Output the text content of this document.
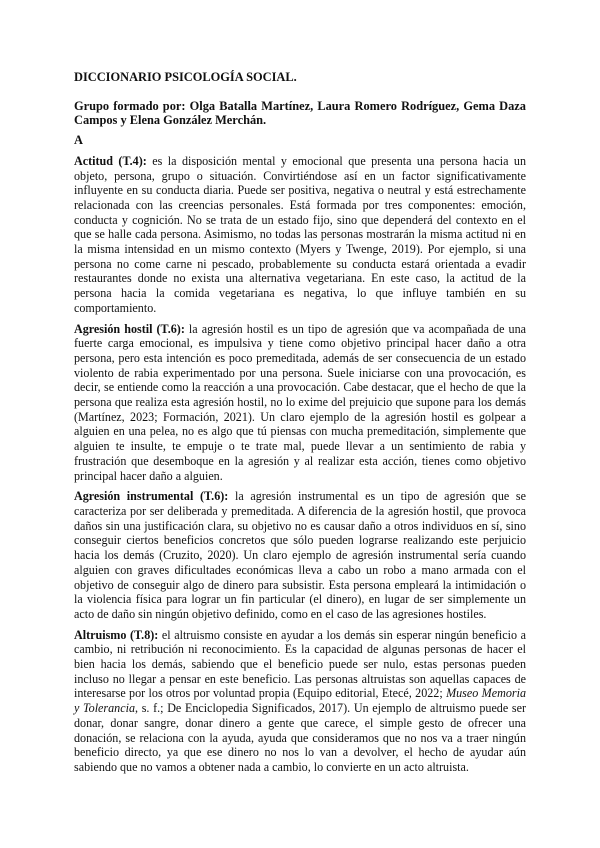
DICCIONARIO PSICOLOGÍA SOCIAL.

Grupo formado por: Olga Batalla Martínez, Laura Romero Rodríguez, Gema Daza Campos y Elena González Merchán.

A

Actitud (T.4): es la disposición mental y emocional que presenta una persona hacia un objeto, persona, grupo o situación. Convirtiéndose así en un factor significativamente influyente en su conducta diaria. Puede ser positiva, negativa o neutral y está estrechamente relacionada con las creencias personales. Está formada por tres componentes: emoción, conducta y cognición. No se trata de un estado fijo, sino que dependerá del contexto en el que se halle cada persona. Asimismo, no todas las personas mostrarán la misma actitud ni en la misma intensidad en un mismo contexto (Myers y Twenge, 2019). Por ejemplo, si una persona no come carne ni pescado, probablemente su conducta estará orientada a evadir restaurantes donde no exista una alternativa vegetariana. En este caso, la actitud de la persona hacia la comida vegetariana es negativa, lo que influye también en su comportamiento.

Agresión hostil (T.6): la agresión hostil es un tipo de agresión que va acompañada de una fuerte carga emocional, es impulsiva y tiene como objetivo principal hacer daño a otra persona, pero esta intención es poco premeditada, además de ser consecuencia de un estado violento de rabia experimentado por una persona. Suele iniciarse con una provocación, es decir, se entiende como la reacción a una provocación. Cabe destacar, que el hecho de que la persona que realiza esta agresión hostil, no lo exime del prejuicio que supone para los demás (Martínez, 2023; Formación, 2021). Un claro ejemplo de la agresión hostil es golpear a alguien en una pelea, no es algo que tú piensas con mucha premeditación, simplemente que alguien te insulte, te empuje o te trate mal, puede llevar a un sentimiento de rabia y frustración que desemboque en la agresión y al realizar esta acción, tienes como objetivo principal hacer daño a alguien.

Agresión instrumental (T.6): la agresión instrumental es un tipo de agresión que se caracteriza por ser deliberada y premeditada. A diferencia de la agresión hostil, que provoca daños sin una justificación clara, su objetivo no es causar daño a otros individuos en sí, sino conseguir ciertos beneficios concretos que sólo pueden lograrse realizando este perjuicio hacia los demás (Cruzito, 2020). Un claro ejemplo de agresión instrumental sería cuando alguien con graves dificultades económicas lleva a cabo un robo a mano armada con el objetivo de conseguir algo de dinero para subsistir. Esta persona empleará la intimidación o la violencia física para lograr un fin particular (el dinero), en lugar de ser simplemente un acto de daño sin ningún objetivo definido, como en el caso de las agresiones hostiles.

Altruismo (T.8): el altruismo consiste en ayudar a los demás sin esperar ningún beneficio a cambio, ni retribución ni reconocimiento. Es la capacidad de algunas personas de hacer el bien hacia los demás, sabiendo que el beneficio puede ser nulo, estas personas pueden incluso no llegar a pensar en este beneficio. Las personas altruistas son aquellas capaces de interesarse por los otros por voluntad propia (Equipo editorial, Etecé, 2022; Museo Memoria y Tolerancia, s. f.; De Enciclopedia Significados, 2017). Un ejemplo de altruismo puede ser donar, donar sangre, donar dinero a gente que carece, el simple gesto de ofrecer una donación, se relaciona con la ayuda, ayuda que consideramos que no nos va a traer ningún beneficio directo, ya que ese dinero no nos lo van a devolver, el hecho de ayudar aún sabiendo que no vamos a obtener nada a cambio, lo convierte en un acto altruista.
